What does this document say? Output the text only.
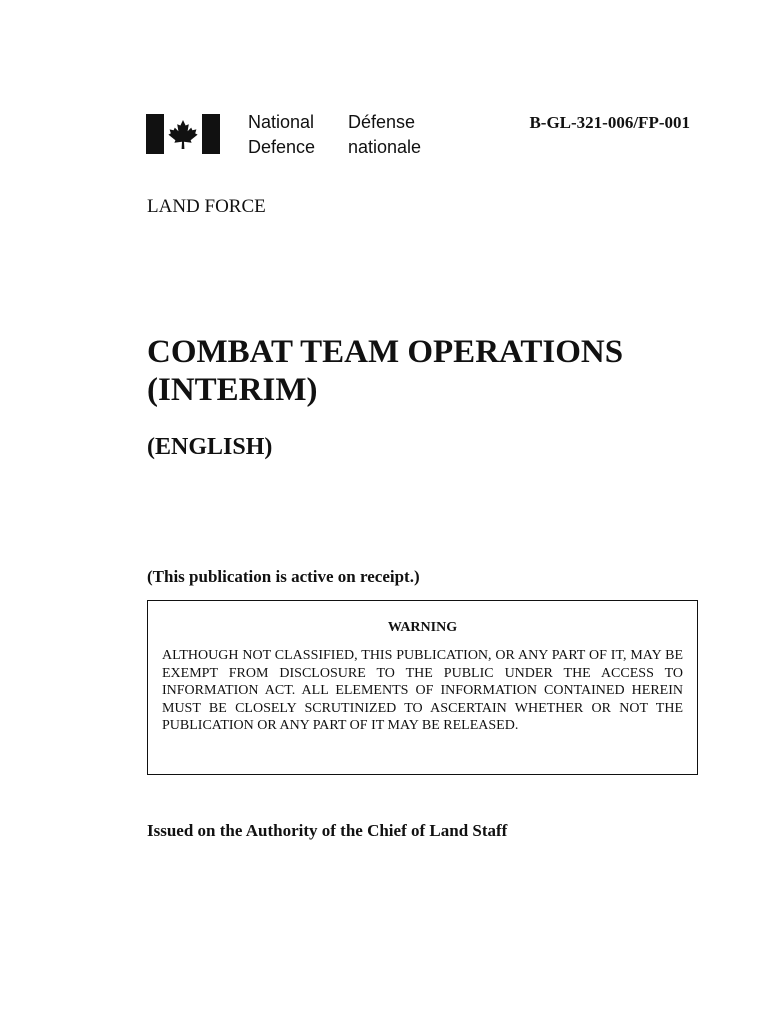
National
Defence
Défense
nationale
B-GL-321-006/FP-001
LAND FORCE
COMBAT TEAM OPERATIONS
(INTERIM)
(ENGLISH)
(This publication is active on receipt.)

WARNING

ALTHOUGH NOT CLASSIFIED, THIS PUBLICATION, OR ANY PART OF IT, MAY BE EXEMPT FROM DISCLOSURE TO THE PUBLIC UNDER THE ACCESS TO INFORMATION ACT. ALL ELEMENTS OF INFORMATION CONTAINED HEREIN MUST BE CLOSELY SCRUTINIZED TO ASCERTAIN WHETHER OR NOT THE PUBLICATION OR ANY PART OF IT MAY BE RELEASED.

Issued on the Authority of the Chief of Land Staff
